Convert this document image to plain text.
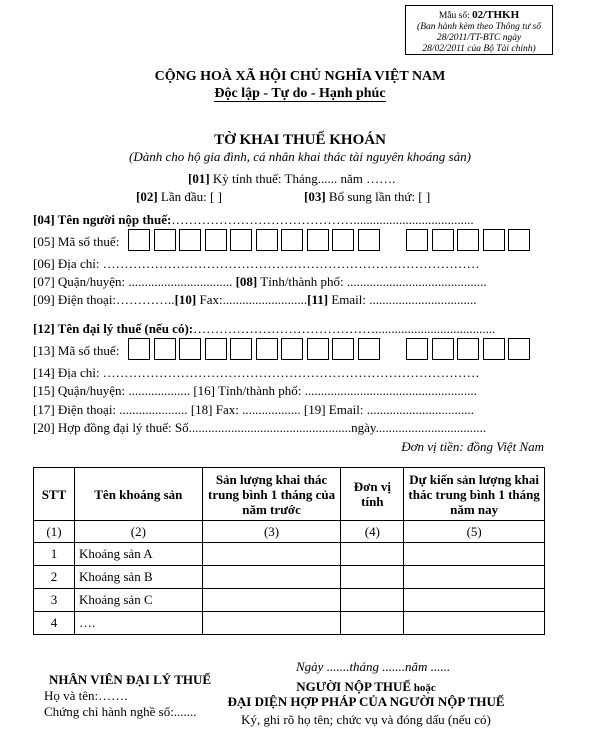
Mẫu số: 02/THKH
(Ban hành kèm theo Thông tư số
28/2011/TT-BTC ngày
28/02/2011 của Bộ Tài chính)
CỘNG HOÀ XÃ HỘI CHỦ NGHĨA VIỆT NAM
Độc lập - Tự do - Hạnh phúc
TỜ KHAI THUẾ KHOÁN
(Dành cho hộ gia đình, cá nhân khai thác tài nguyên khoáng sản)
[01] Kỳ tính thuế: Tháng...... năm …….
[02] Lần đầu: [ ]	[03] Bổ sung lần thứ: [ ]
[04] Tên người nộp thuế:…………………………………….....................................
[05] Mã số thuế:
[06] Địa chỉ: ……………………………………………………………………………
[07] Quận/huyện: ................................ [08] Tỉnh/thành phố: ...........................................
[09] Điện thoại:…………..[10] Fax:..........................[11] Email: .................................
[12] Tên đại lý thuế (nếu có):…………………………………….....................................
[13] Mã số thuế:
[14] Địa chỉ: ……………………………………………………………………………
[15] Quận/huyện: ................... [16] Tỉnh/thành phố: .....................................................
[17] Điện thoại: ..................... [18] Fax: .................. [19] Email: .................................
[20] Hợp đồng đại lý thuế: Số..................................................ngày..................................
Đơn vị tiền: đồng Việt Nam
STT	Tên khoáng sản	Sản lượng khai thác trung bình 1 tháng của năm trước	Đơn vị tính	Dự kiến sản lượng khai thác trung bình 1 tháng năm nay
(1)	(2)	(3)	(4)	(5)
1	Khoáng sản A			
2	Khoáng sản B			
3	Khoáng sản C			
4	….			
NHÂN VIÊN ĐẠI LÝ THUẾ
Họ và tên:…….
Chứng chỉ hành nghề số:.......
Ngày .......tháng .......năm ......
NGƯỜI NỘP THUẾ hoặc
ĐẠI DIỆN HỢP PHÁP CỦA NGƯỜI NỘP THUẾ
Ký, ghi rõ họ tên; chức vụ và đóng dấu (nếu có)
